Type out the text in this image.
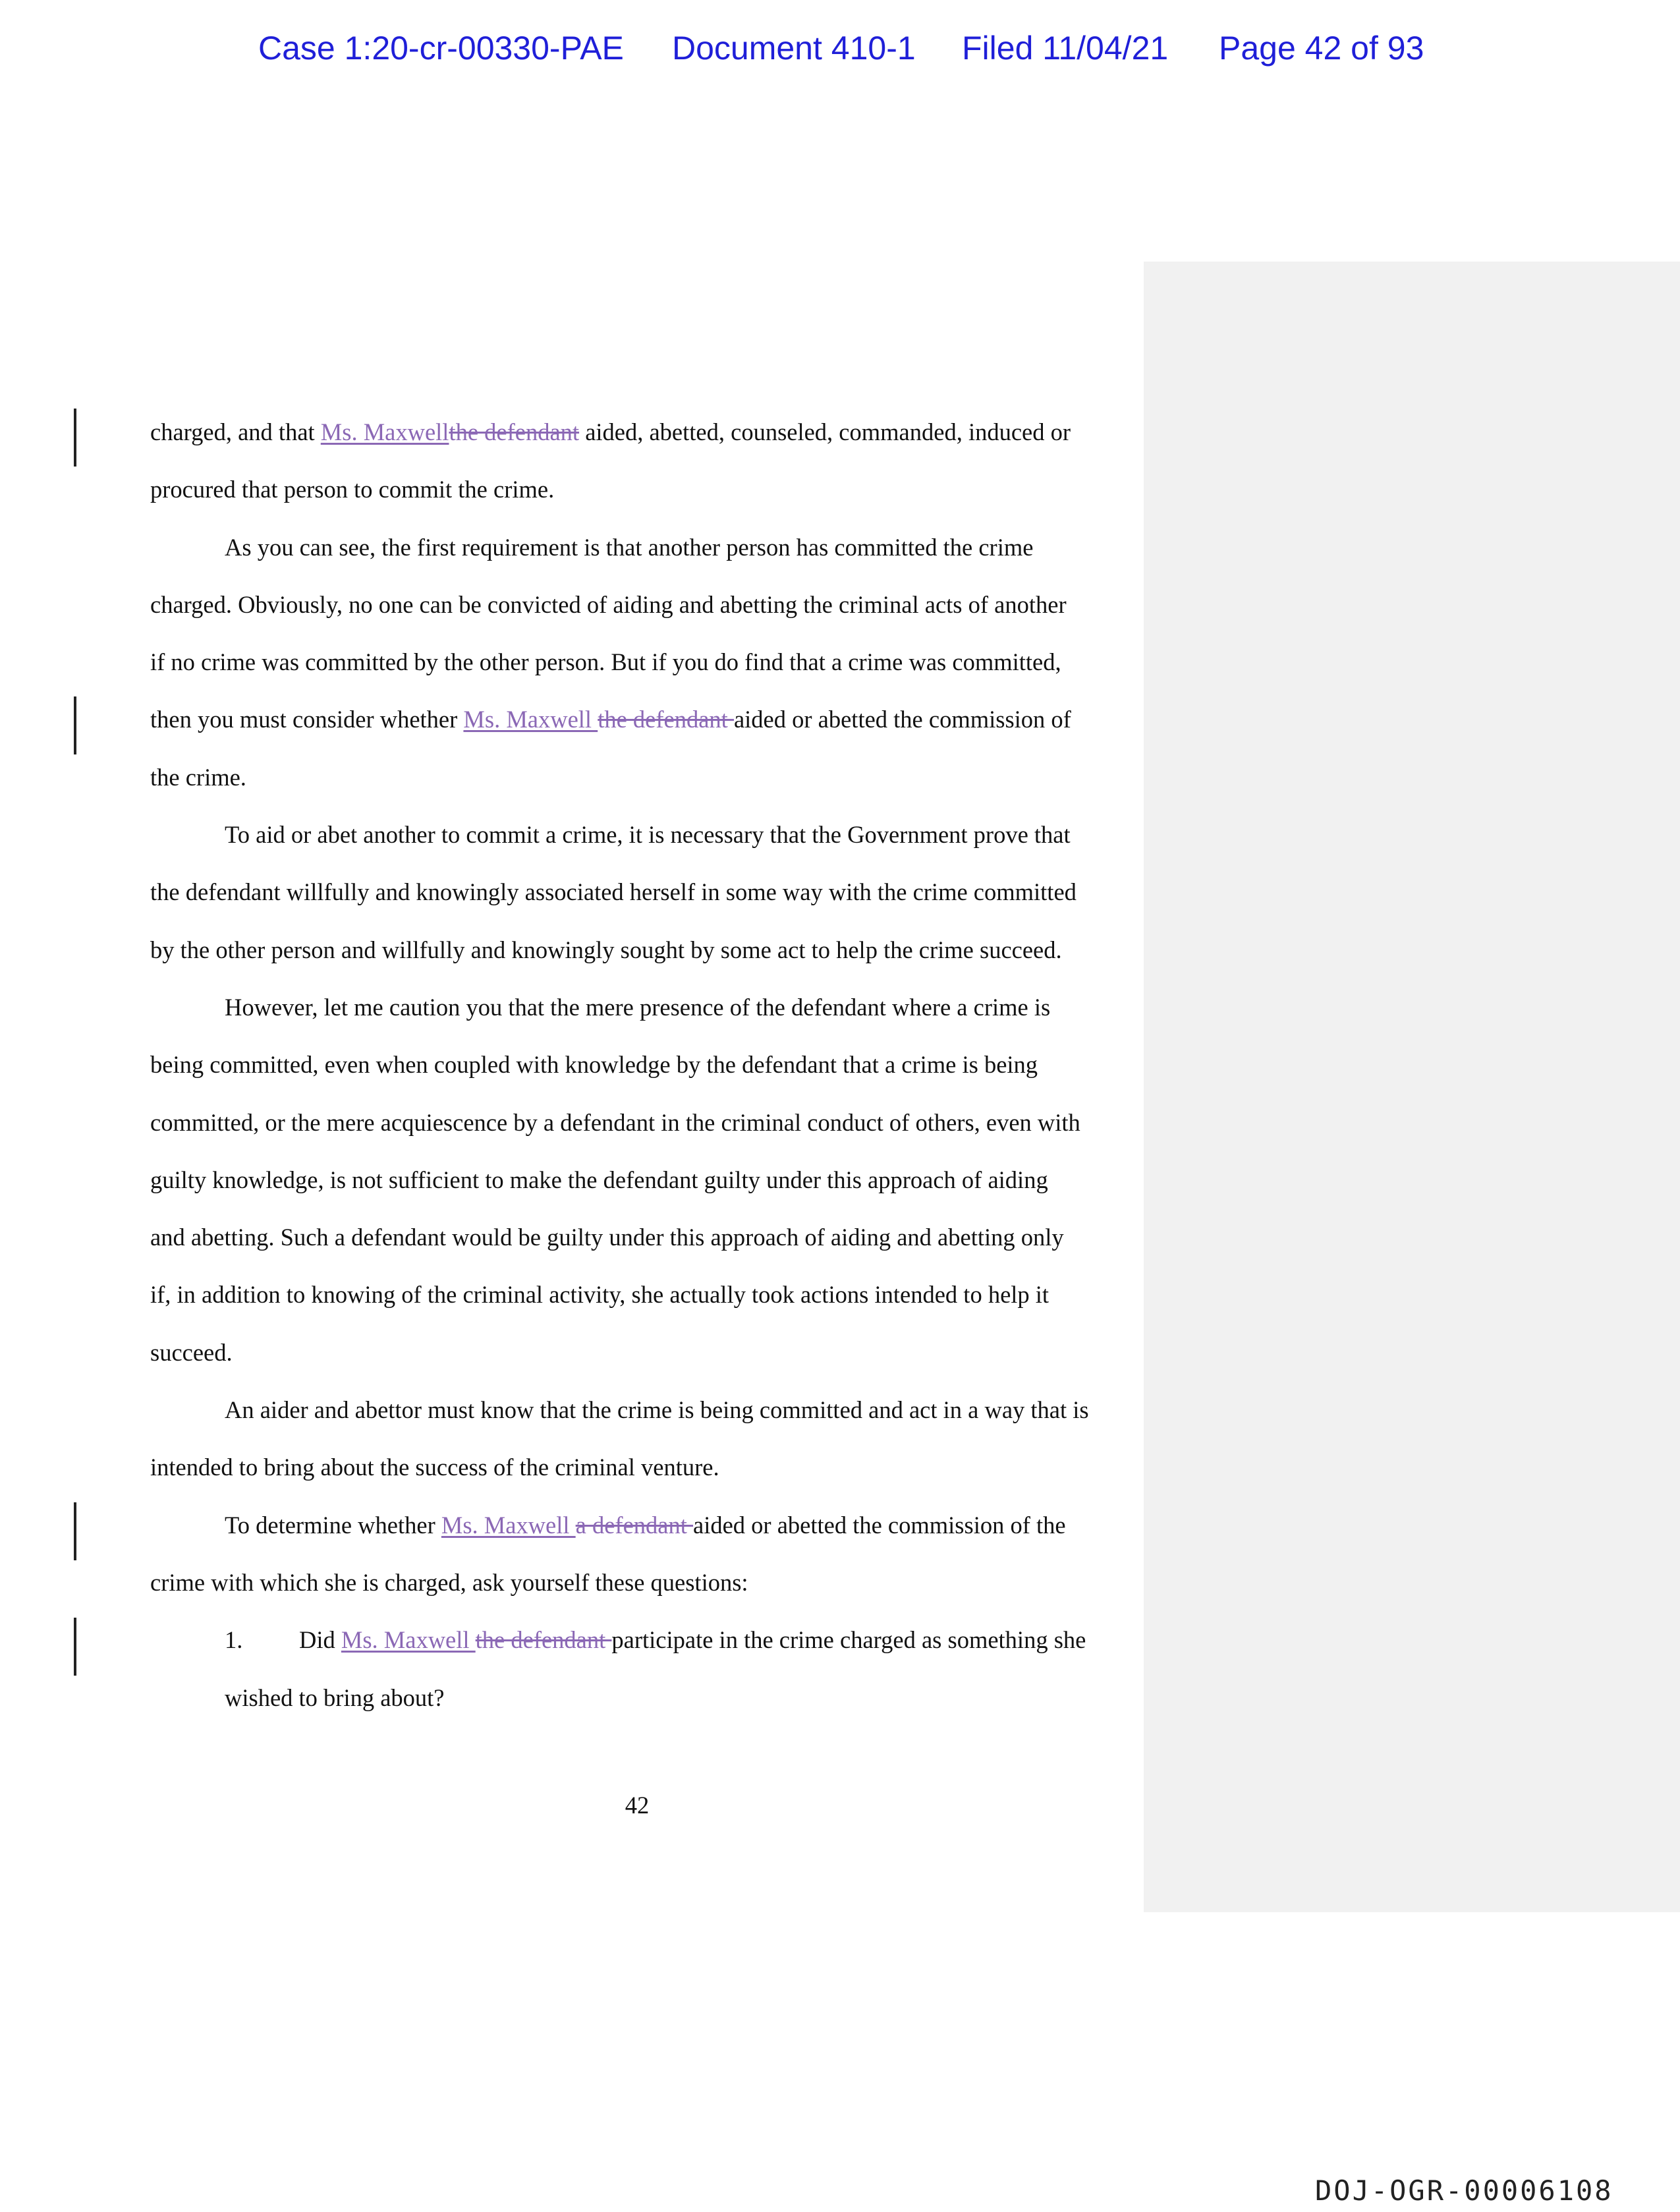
Case 1:20-cr-00330-PAE Document 410-1 Filed 11/04/21 Page 42 of 93
charged, and that Ms. Maxwellthe defendant aided, abetted, counseled, commanded, induced or
procured that person to commit the crime.
As you can see, the first requirement is that another person has committed the crime
charged. Obviously, no one can be convicted of aiding and abetting the criminal acts of another
if no crime was committed by the other person. But if you do find that a crime was committed,
then you must consider whether Ms. Maxwell the defendant aided or abetted the commission of
the crime.
To aid or abet another to commit a crime, it is necessary that the Government prove that
the defendant willfully and knowingly associated herself in some way with the crime committed
by the other person and willfully and knowingly sought by some act to help the crime succeed.
However, let me caution you that the mere presence of the defendant where a crime is
being committed, even when coupled with knowledge by the defendant that a crime is being
committed, or the mere acquiescence by a defendant in the criminal conduct of others, even with
guilty knowledge, is not sufficient to make the defendant guilty under this approach of aiding
and abetting. Such a defendant would be guilty under this approach of aiding and abetting only
if, in addition to knowing of the criminal activity, she actually took actions intended to help it
succeed.
An aider and abettor must know that the crime is being committed and act in a way that is
intended to bring about the success of the criminal venture.
To determine whether Ms. Maxwell a defendant aided or abetted the commission of the
crime with which she is charged, ask yourself these questions:
1. Did Ms. Maxwell the defendant participate in the crime charged as something she
wished to bring about?
42
DOJ-OGR-00006108
